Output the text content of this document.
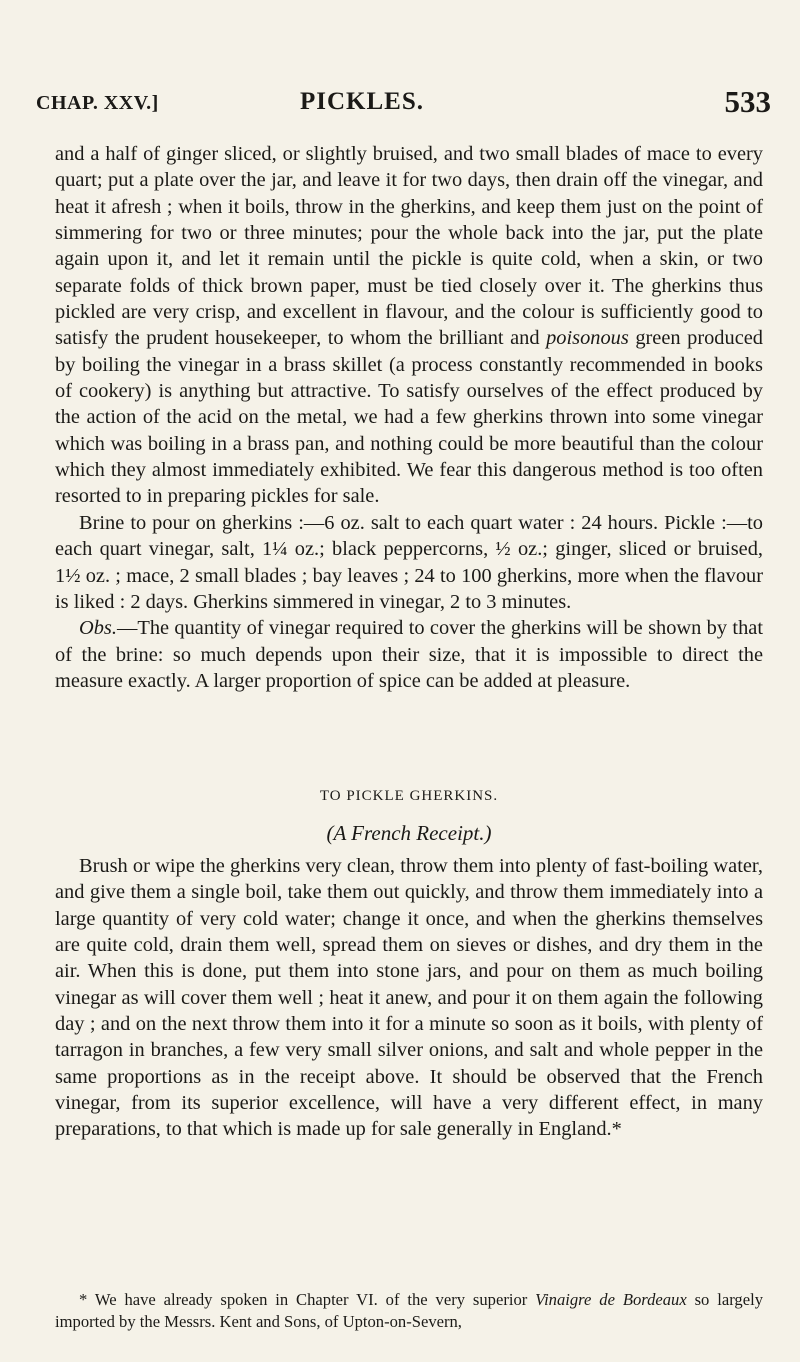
CHAP. XXV.]	PICKLES.	533

and a half of ginger sliced, or slightly bruised, and two small blades of mace to every quart; put a plate over the jar, and leave it for two days, then drain off the vinegar, and heat it afresh ; when it boils, throw in the gherkins, and keep them just on the point of simmering for two or three minutes; pour the whole back into the jar, put the plate again upon it, and let it remain until the pickle is quite cold, when a skin, or two separate folds of thick brown paper, must be tied closely over it. The gherkins thus pickled are very crisp, and excellent in flavour, and the colour is sufficiently good to satisfy the prudent housekeeper, to whom the brilliant and poisonous green produced by boiling the vinegar in a brass skillet (a process constantly recommended in books of cookery) is anything but attractive. To satisfy ourselves of the effect produced by the action of the acid on the metal, we had a few gherkins thrown into some vinegar which was boiling in a brass pan, and nothing could be more beautiful than the colour which they almost immediately exhibited. We fear this dangerous method is too often resorted to in preparing pickles for sale.

Brine to pour on gherkins :—6 oz. salt to each quart water : 24 hours. Pickle :—to each quart vinegar, salt, 1¼ oz.; black peppercorns, ½ oz.; ginger, sliced or bruised, 1½ oz. ; mace, 2 small blades ; bay leaves ; 24 to 100 gherkins, more when the flavour is liked : 2 days. Gherkins simmered in vinegar, 2 to 3 minutes.

Obs.—The quantity of vinegar required to cover the gherkins will be shown by that of the brine: so much depends upon their size, that it is impossible to direct the measure exactly. A larger proportion of spice can be added at pleasure.

TO PICKLE GHERKINS.
(A French Receipt.)

Brush or wipe the gherkins very clean, throw them into plenty of fast-boiling water, and give them a single boil, take them out quickly, and throw them immediately into a large quantity of very cold water; change it once, and when the gherkins themselves are quite cold, drain them well, spread them on sieves or dishes, and dry them in the air. When this is done, put them into stone jars, and pour on them as much boiling vinegar as will cover them well ; heat it anew, and pour it on them again the following day ; and on the next throw them into it for a minute so soon as it boils, with plenty of tarragon in branches, a few very small silver onions, and salt and whole pepper in the same proportions as in the receipt above. It should be observed that the French vinegar, from its superior excellence, will have a very different effect, in many preparations, to that which is made up for sale generally in England.*

* We have already spoken in Chapter VI. of the very superior Vinaigre de Bordeaux so largely imported by the Messrs. Kent and Sons, of Upton-on-Severn,
